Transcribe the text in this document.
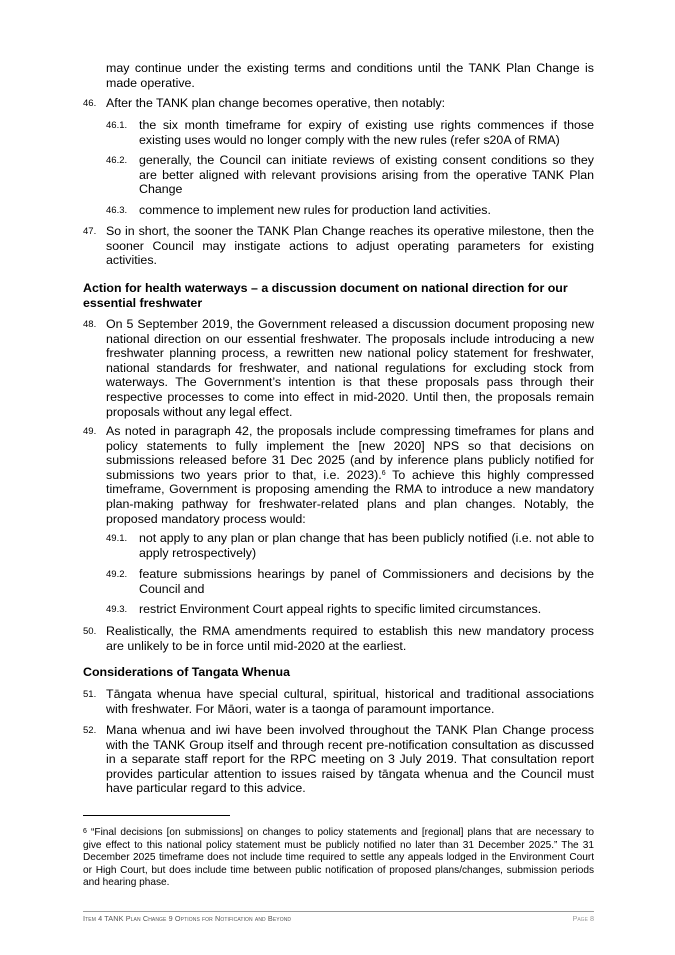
may continue under the existing terms and conditions until the TANK Plan Change is made operative.

46. After the TANK plan change becomes operative, then notably:

46.1. the six month timeframe for expiry of existing use rights commences if those existing uses would no longer comply with the new rules (refer s20A of RMA)

46.2. generally, the Council can initiate reviews of existing consent conditions so they are better aligned with relevant provisions arising from the operative TANK Plan Change

46.3. commence to implement new rules for production land activities.

47. So in short, the sooner the TANK Plan Change reaches its operative milestone, then the sooner Council may instigate actions to adjust operating parameters for existing activities.

Action for health waterways – a discussion document on national direction for our essential freshwater

48. On 5 September 2019, the Government released a discussion document proposing new national direction on our essential freshwater. The proposals include introducing a new freshwater planning process, a rewritten new national policy statement for freshwater, national standards for freshwater, and national regulations for excluding stock from waterways. The Government’s intention is that these proposals pass through their respective processes to come into effect in mid-2020. Until then, the proposals remain proposals without any legal effect.

49. As noted in paragraph 42, the proposals include compressing timeframes for plans and policy statements to fully implement the [new 2020] NPS so that decisions on submissions released before 31 Dec 2025 (and by inference plans publicly notified for submissions two years prior to that, i.e. 2023).$^6$ To achieve this highly compressed timeframe, Government is proposing amending the RMA to introduce a new mandatory plan-making pathway for freshwater-related plans and plan changes. Notably, the proposed mandatory process would:

49.1. not apply to any plan or plan change that has been publicly notified (i.e. not able to apply retrospectively)

49.2. feature submissions hearings by panel of Commissioners and decisions by the Council and

49.3. restrict Environment Court appeal rights to specific limited circumstances.

50. Realistically, the RMA amendments required to establish this new mandatory process are unlikely to be in force until mid-2020 at the earliest.

Considerations of Tangata Whenua

51. Tāngata whenua have special cultural, spiritual, historical and traditional associations with freshwater. For Māori, water is a taonga of paramount importance.

52. Mana whenua and iwi have been involved throughout the TANK Plan Change process with the TANK Group itself and through recent pre-notification consultation as discussed in a separate staff report for the RPC meeting on 3 July 2019. That consultation report provides particular attention to issues raised by tāngata whenua and the Council must have particular regard to this advice.

$^6$ “Final decisions [on submissions] on changes to policy statements and [regional] plans that are necessary to give effect to this national policy statement must be publicly notified no later than 31 December 2025.” The 31 December 2025 timeframe does not include time required to settle any appeals lodged in the Environment Court or High Court, but does include time between public notification of proposed plans/changes, submission periods and hearing phase.

Item 4 TANK Plan Change 9 Options for Notification and Beyond	Page 8
